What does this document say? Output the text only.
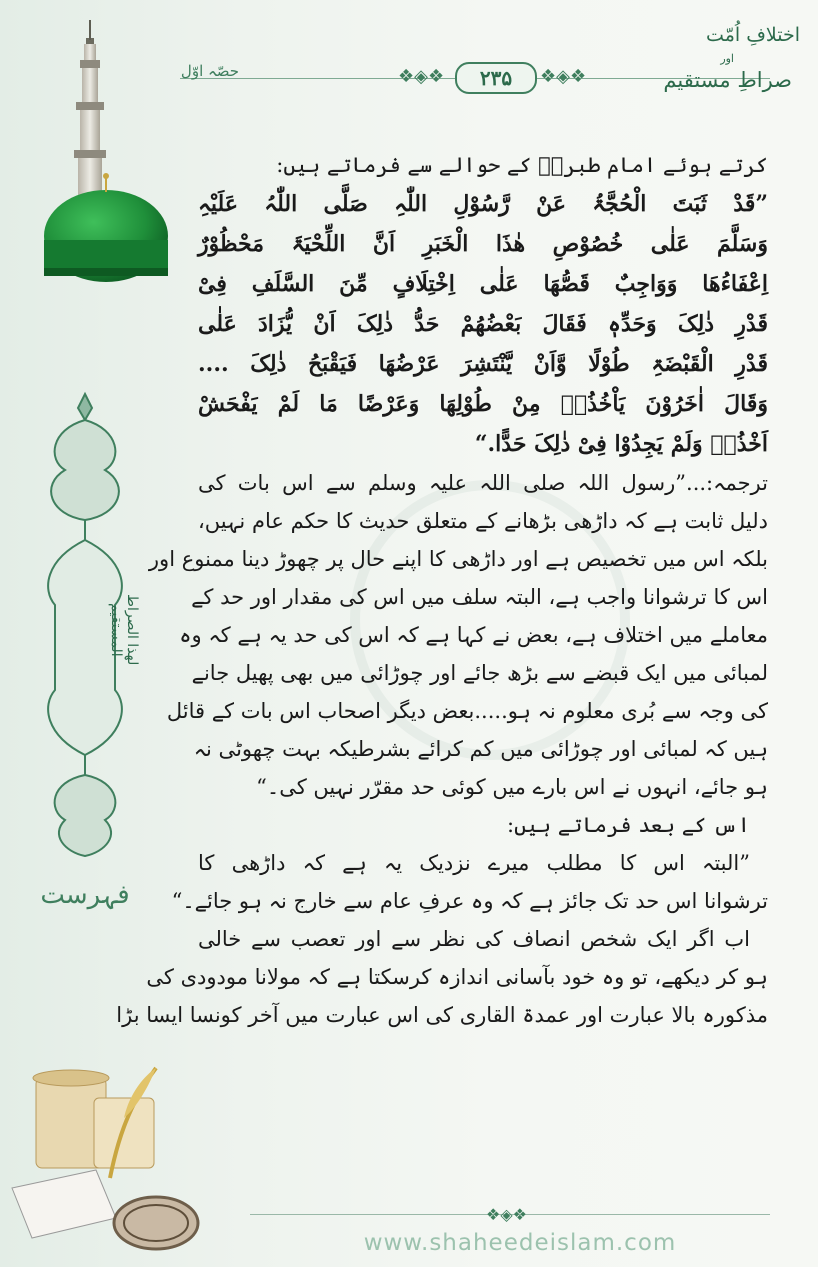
لھذا الصراط المستقیم
فہرست
❖◈❖	❖◈❖
۲۳۵
حصّہ اوّل
اختلافِ اُمّت
اور
صراطِ مستقیم
کرتے ہوئے امام طبریؒ کے حوالے سے فرماتے ہیں:
”قَدْ ثَبَتَ الْحُجَّۃُ عَنْ رَّسُوْلِ اللّٰہِ صَلَّی اللّٰہُ عَلَیْہِ
وَسَلَّمَ عَلٰی خُصُوْصِ ھٰذَا الْخَبَرِ اَنَّ اللِّحْیَۃَ مَحْظُوْرٌ
اِعْفَاءُھَا وَوَاجِبٌ قَصُّھَا عَلٰی اِخْتِلَافٍ مِّنَ السَّلَفِ فِیْ
قَدْرِ ذٰلِکَ وَحَدِّہٖ فَقَالَ بَعْضُھُمْ حَدُّ ذٰلِکَ اَنْ یُّزَادَ عَلٰی
قَدْرِ الْقَبْضَۃِ طُوْلًا وَّاَنْ یَّنْتَشِرَ عَرْضُھَا فَیَقْبَحُ ذٰلِکَ ....
وَقَالَ اٰخَرُوْنَ یَاْخُذُہٗ مِنْ طُوْلِھَا وَعَرْضًا مَا لَمْ یَفْحَشْ
اَخْذُہٗ وَلَمْ یَجِدُوْا فِیْ ذٰلِکَ حَدًّا.“
ترجمہ:...”رسول اللہ صلی اللہ علیہ وسلم سے اس بات کی
دلیل ثابت ہے کہ داڑھی بڑھانے کے متعلق حدیث کا حکم عام نہیں،
بلکہ اس میں تخصیص ہے اور داڑھی کا اپنے حال پر چھوڑ دینا ممنوع اور
اس کا ترشوانا واجب ہے، البتہ سلف میں اس کی مقدار اور حد کے
معاملے میں اختلاف ہے، بعض نے کہا ہے کہ اس کی حد یہ ہے کہ وہ
لمبائی میں ایک قبضے سے بڑھ جائے اور چوڑائی میں بھی پھیل جانے
کی وجہ سے بُری معلوم نہ ہو.....بعض دیگر اصحاب اس بات کے قائل
ہیں کہ لمبائی اور چوڑائی میں کم کرائے بشرطیکہ بہت چھوٹی نہ
ہو جائے، انہوں نے اس بارے میں کوئی حد مقرّر نہیں کی۔“
اس کے بعد فرماتے ہیں:
”البتہ اس کا مطلب میرے نزدیک یہ ہے کہ داڑھی کا
ترشوانا اس حد تک جائز ہے کہ وہ عرفِ عام سے خارج نہ ہو جائے۔“
اب اگر ایک شخص انصاف کی نظر سے اور تعصب سے خالی
ہو کر دیکھے، تو وہ خود بآسانی اندازہ کرسکتا ہے کہ مولانا مودودی کی
مذکورہ بالا عبارت اور عمدۃ القاری کی اس عبارت میں آخر کونسا ایسا بڑا
❖◈❖
www.shaheedeislam.com
